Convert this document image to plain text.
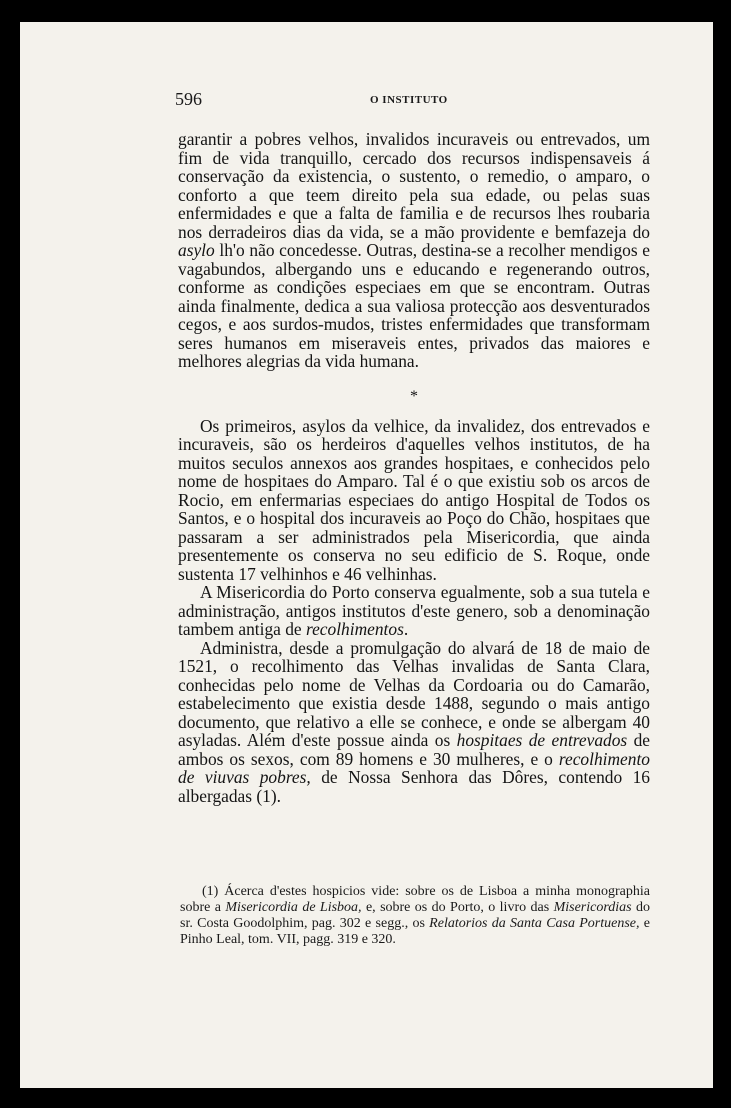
596	O INSTITUTO

garantir a pobres velhos, invalidos incuraveis ou entrevados, um fim de vida tranquillo, cercado dos recursos indispensaveis á conservação da existencia, o sustento, o remedio, o amparo, o conforto a que teem direito pela sua edade, ou pelas suas enfermidades e que a falta de familia e de recursos lhes roubaria nos derradeiros dias da vida, se a mão providente e bemfazeja do asylo lh'o não concedesse. Outras, destina-se a recolher mendigos e vagabundos, albergando uns e educando e regenerando outros, conforme as condições especiaes em que se encontram. Outras ainda finalmente, dedica a sua valiosa protecção aos desventurados cegos, e aos surdos-mudos, tristes enfermidades que transformam seres humanos em miseraveis entes, privados das maiores e melhores alegrias da vida humana.

*

Os primeiros, asylos da velhice, da invalidez, dos entrevados e incuraveis, são os herdeiros d'aquelles velhos institutos, de ha muitos seculos annexos aos grandes hospitaes, e conhecidos pelo nome de hospitaes do Amparo. Tal é o que existiu sob os arcos de Rocio, em enfermarias especiaes do antigo Hospital de Todos os Santos, e o hospital dos incuraveis ao Poço do Chão, hospitaes que passaram a ser administrados pela Misericordia, que ainda presentemente os conserva no seu edificio de S. Roque, onde sustenta 17 velhinhos e 46 velhinhas.

A Misericordia do Porto conserva egualmente, sob a sua tutela e administração, antigos institutos d'este genero, sob a denominação tambem antiga de recolhimentos.

Administra, desde a promulgação do alvará de 18 de maio de 1521, o recolhimento das Velhas invalidas de Santa Clara, conhecidas pelo nome de Velhas da Cordoaria ou do Camarão, estabelecimento que existia desde 1488, segundo o mais antigo documento, que relativo a elle se conhece, e onde se albergam 40 asyladas. Além d'este possue ainda os hospitaes de entrevados de ambos os sexos, com 89 homens e 30 mulheres, e o recolhimento de viuvas pobres, de Nossa Senhora das Dôres, contendo 16 albergadas (1).

(1) Ácerca d'estes hospicios vide: sobre os de Lisboa a minha monographia sobre a Misericordia de Lisboa, e, sobre os do Porto, o livro das Misericordias do sr. Costa Goodolphim, pag. 302 e segg., os Relatorios da Santa Casa Portuense, e Pinho Leal, tom. VII, pagg. 319 e 320.
